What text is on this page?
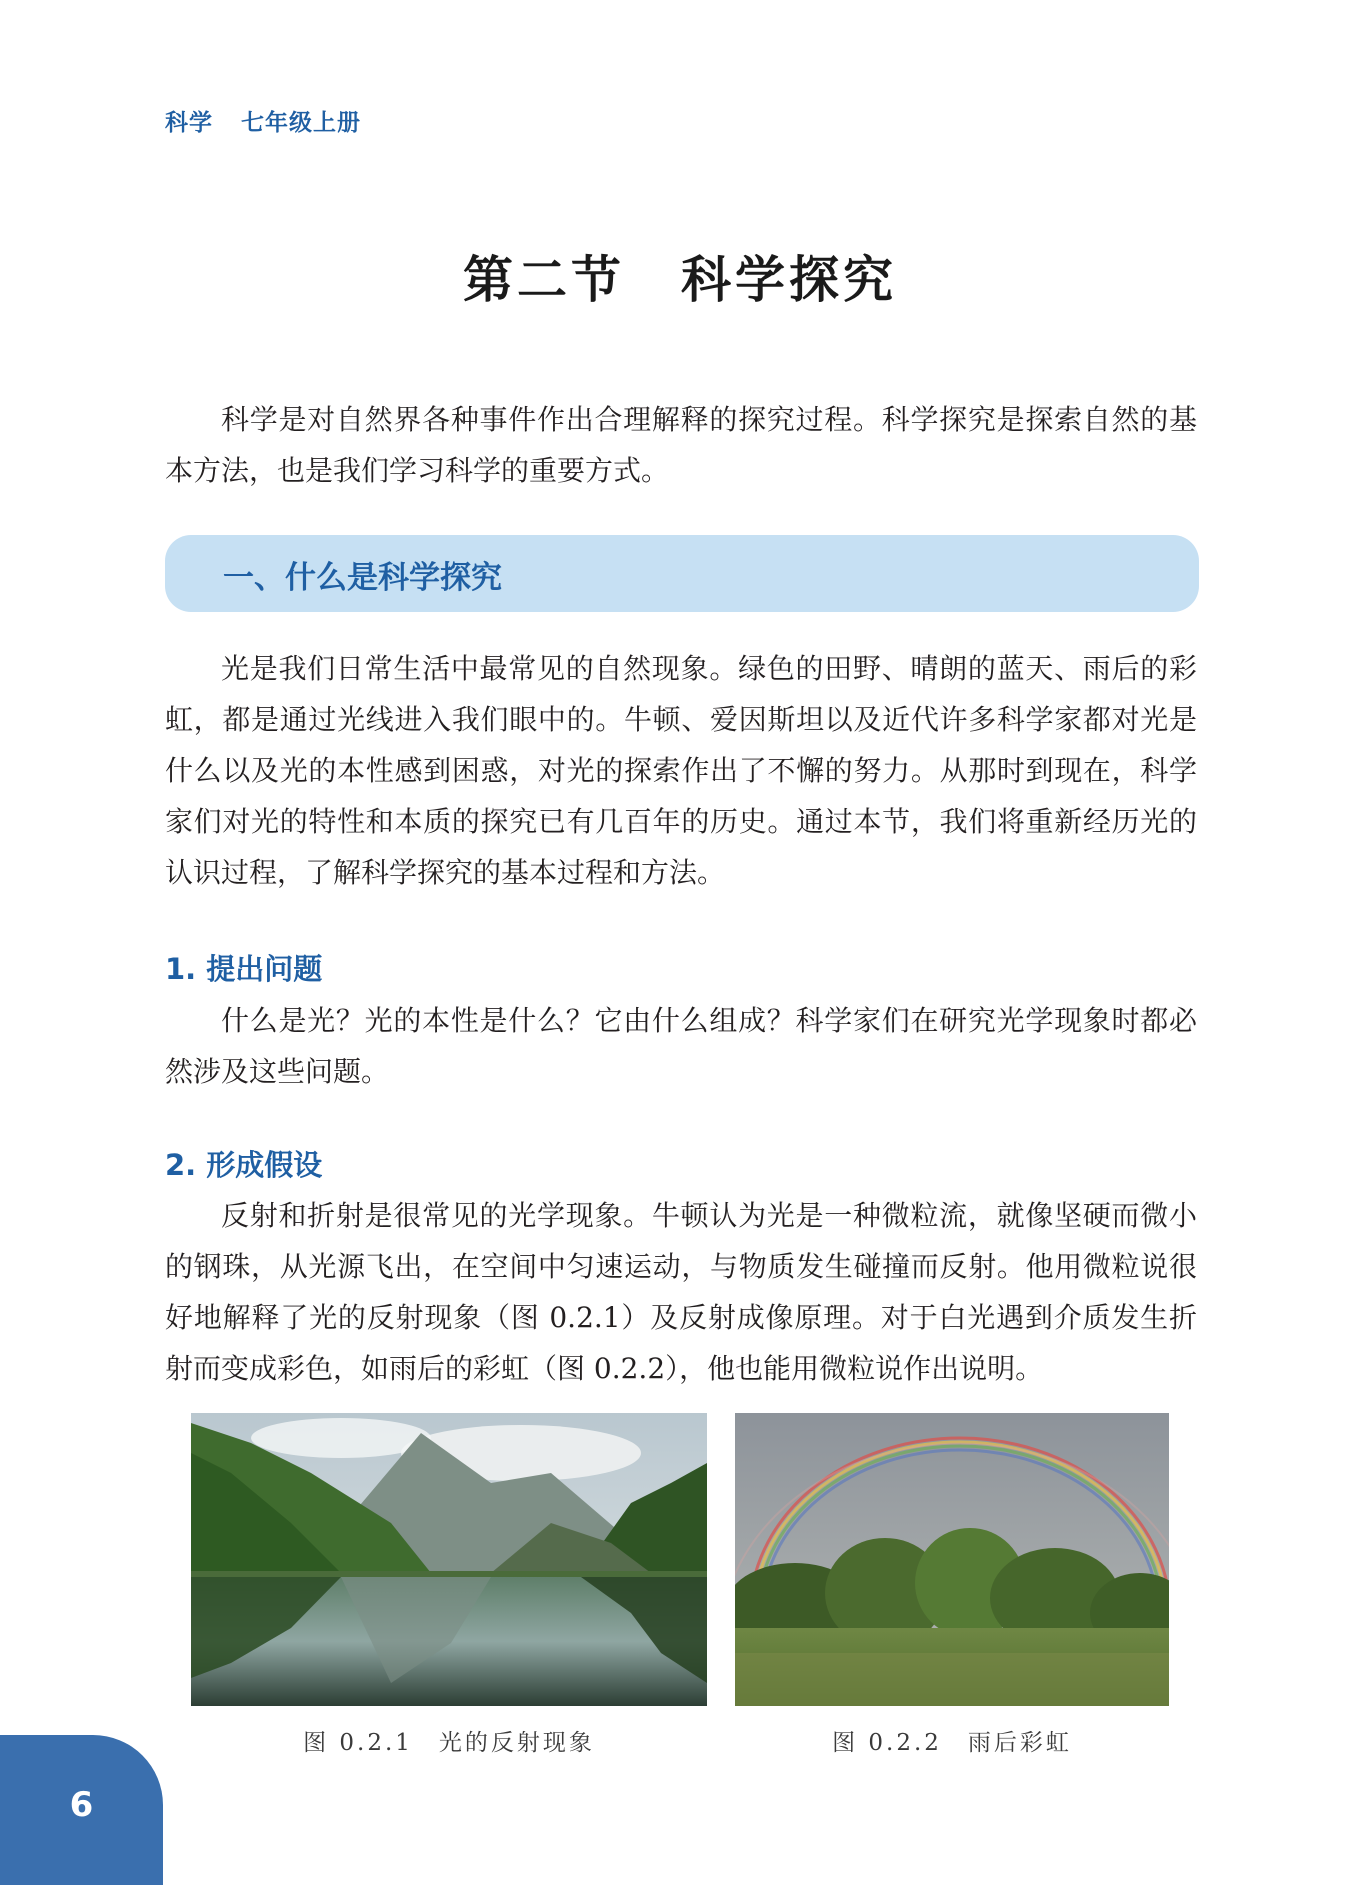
科学 七年级上册
第二节 科学探究

科学是对自然界各种事件作出合理解释的探究过程。科学探究是探索自然的基本方法，也是我们学习科学的重要方式。

一、什么是科学探究

光是我们日常生活中最常见的自然现象。绿色的田野、晴朗的蓝天、雨后的彩虹，都是通过光线进入我们眼中的。牛顿、爱因斯坦以及近代许多科学家都对光是什么以及光的本性感到困惑，对光的探索作出了不懈的努力。从那时到现在，科学家们对光的特性和本质的探究已有几百年的历史。通过本节，我们将重新经历光的认识过程，了解科学探究的基本过程和方法。

1. 提出问题

什么是光？光的本性是什么？它由什么组成？科学家们在研究光学现象时都必然涉及这些问题。

2. 形成假设

反射和折射是很常见的光学现象。牛顿认为光是一种微粒流，就像坚硬而微小的钢珠，从光源飞出，在空间中匀速运动，与物质发生碰撞而反射。他用微粒说很好地解释了光的反射现象（图 0.2.1）及反射成像原理。对于白光遇到介质发生折射而变成彩色，如雨后的彩虹（图 0.2.2），他也能用微粒说作出说明。

图 0.2.1 光的反射现象	图 0.2.2 雨后彩虹
6
